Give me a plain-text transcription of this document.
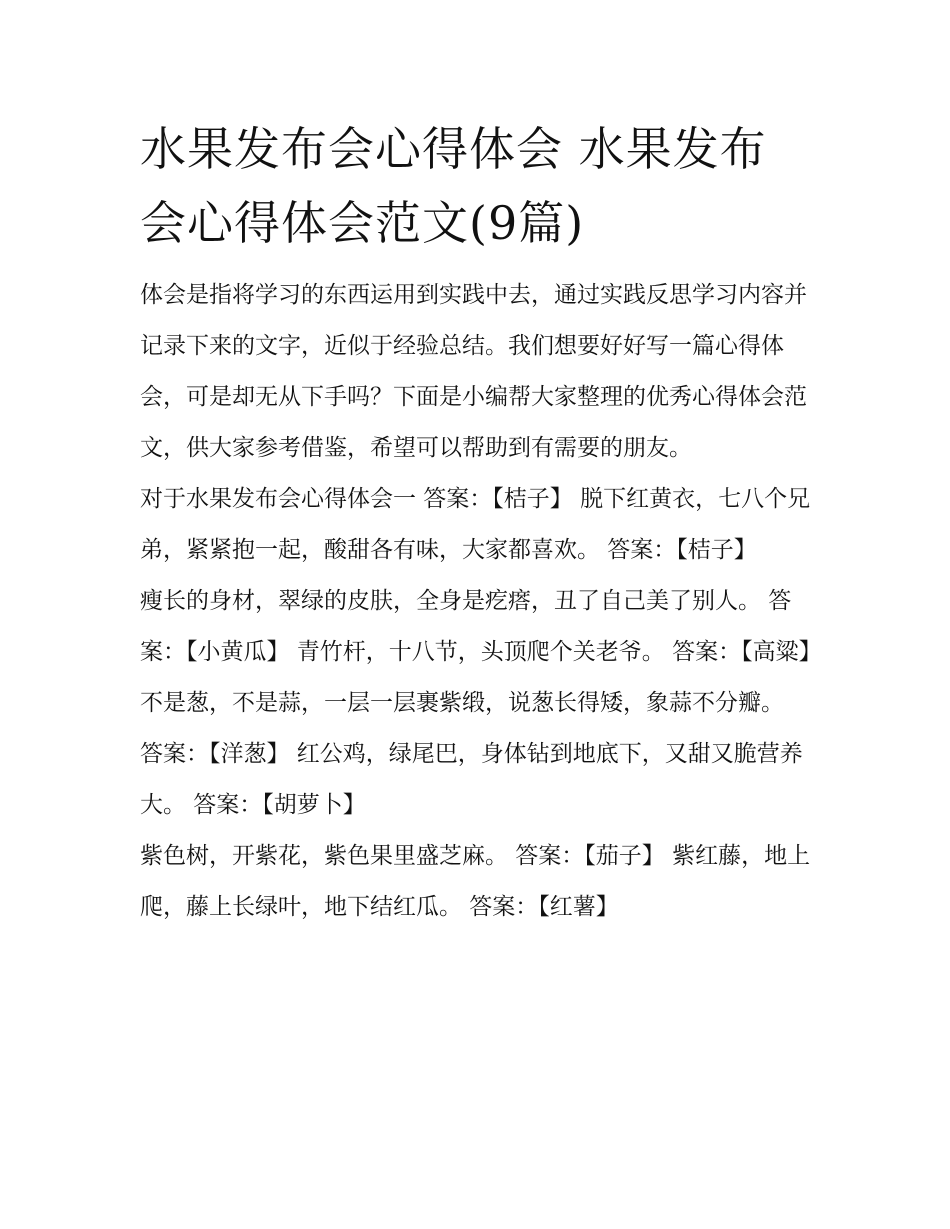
水果发布会心得体会 水果发布会心得体会范文(9篇)

体会是指将学习的东西运用到实践中去，通过实践反思学习内容并记录下来的文字，近似于经验总结。我们想要好好写一篇心得体会，可是却无从下手吗？下面是小编帮大家整理的优秀心得体会范文，供大家参考借鉴，希望可以帮助到有需要的朋友。

对于水果发布会心得体会一 答案：【桔子】 脱下红黄衣，七八个兄弟，紧紧抱一起，酸甜各有味，大家都喜欢。 答案：【桔子】

瘦长的身材，翠绿的皮肤，全身是疙瘩，丑了自己美了别人。 答案：【小黄瓜】 青竹杆，十八节，头顶爬个关老爷。 答案：【高粱】

不是葱，不是蒜，一层一层裹紫缎，说葱长得矮，象蒜不分瓣。 答案：【洋葱】 红公鸡，绿尾巴，身体钻到地底下，又甜又脆营养大。 答案：【胡萝卜】

紫色树，开紫花，紫色果里盛芝麻。 答案：【茄子】 紫红藤，地上爬，藤上长绿叶，地下结红瓜。 答案：【红薯】
